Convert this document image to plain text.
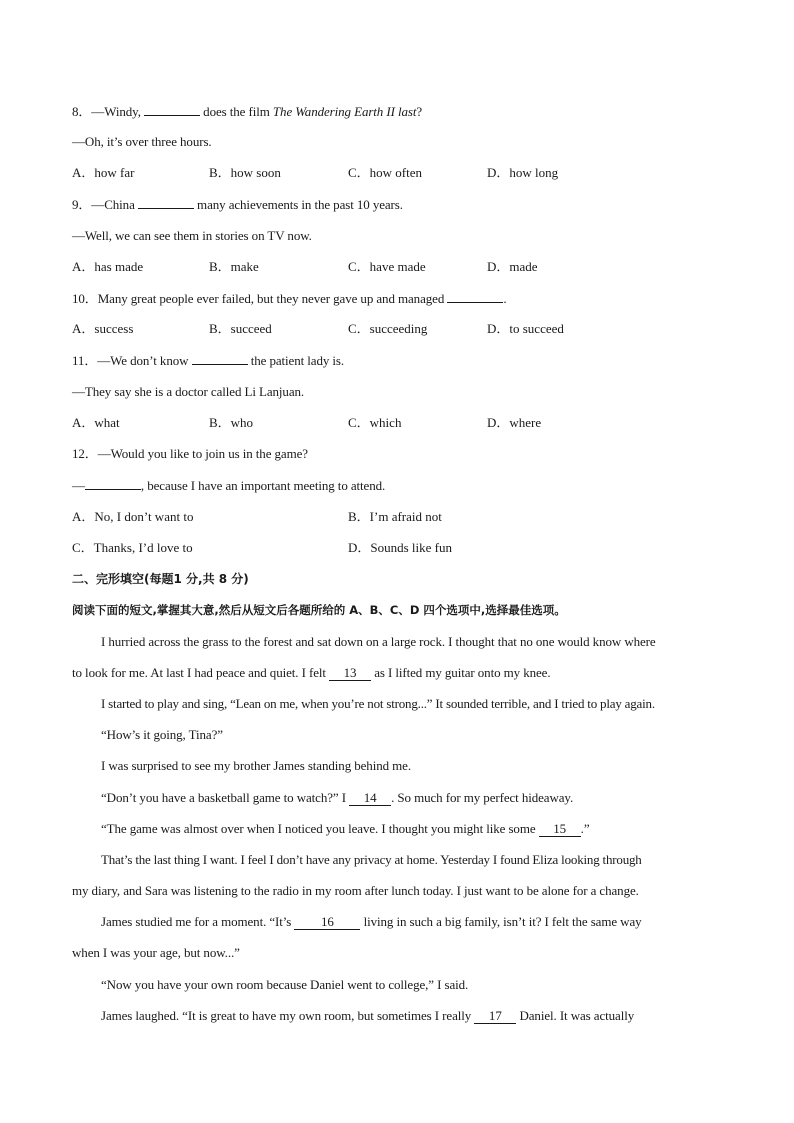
8．—Windy,	does the film The Wandering Earth II last?
—Oh, it’s over three hours.
A．how far	B．how soon	C．how often	D．how long
9．—China	many achievements in the past 10 years.
—Well, we can see them in stories on TV now.
A．has made	B．make	C．have made	D．made
10．Many great people ever failed, but they never gave up and managed	.
A．success	B．succeed	C．succeeding	D．to succeed
11．—We don’t know	the patient lady is.
—They say she is a doctor called Li Lanjuan.
A．what	B．who	C．which	D．where
12．—Would you like to join us in the game?
—	, because I have an important meeting to attend.
A．No, I don’t want to	B．I’m afraid not
C．Thanks, I’d love to	D．Sounds like fun
二、完形填空(每题1 分,共 8 分)
阅读下面的短文,掌握其大意,然后从短文后各题所给的 A、B、C、D 四个选项中,选择最佳选项。
I hurried across the grass to the forest and sat down on a large rock. I thought that no one would know where
to look for me. At last I had peace and quiet. I felt 13 as I lifted my guitar onto my knee.
I started to play and sing, “Lean on me, when you’re not strong...” It sounded terrible, and I tried to play again.
“How’s it going, Tina?”
I was surprised to see my brother James standing behind me.
“Don’t you have a basketball game to watch?” I 14 . So much for my perfect hideaway.
“The game was almost over when I noticed you leave. I thought you might like some 15 .”
That’s the last thing I want. I feel I don’t have any privacy at home. Yesterday I found Eliza looking through
my diary, and Sara was listening to the radio in my room after lunch today. I just want to be alone for a change.
James studied me for a moment. “It’s 16 living in such a big family, isn’t it? I felt the same way
when I was your age, but now...”
“Now you have your own room because Daniel went to college,” I said.
James laughed. “It is great to have my own room, but sometimes I really 17 Daniel. It was actually
